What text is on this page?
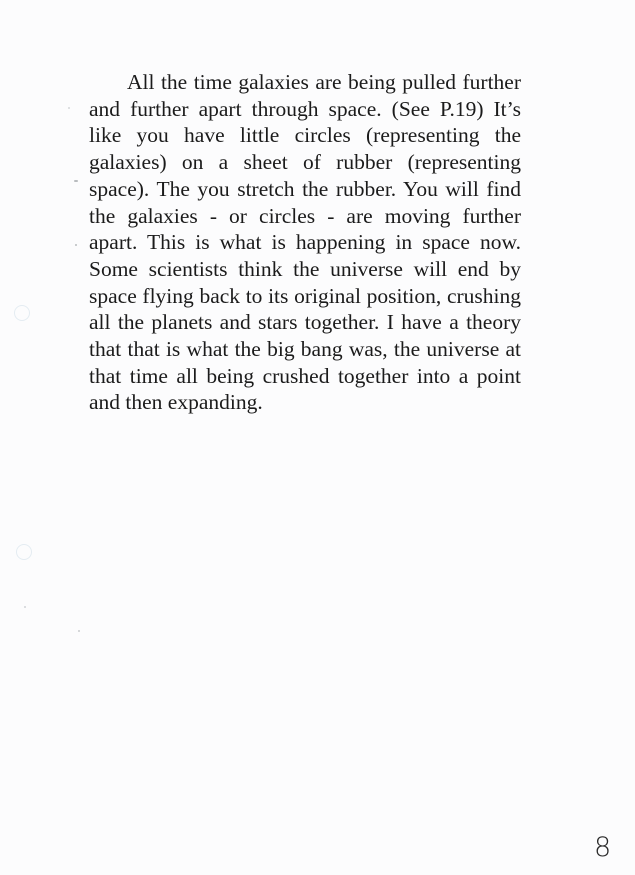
All the time galaxies are being pulled further and further apart through space. (See P.19) It’s like you have little circles (representing the galaxies) on a sheet of rubber (representing space). The you stretch the rubber. You will find the galaxies - or circles - are moving further apart. This is what is happening in space now. Some scientists think the universe will end by space flying back to its original position, crushing all the planets and stars together. I have a theory that that is what the big bang was, the universe at that time all being crushed together into a point and then expanding.

8
